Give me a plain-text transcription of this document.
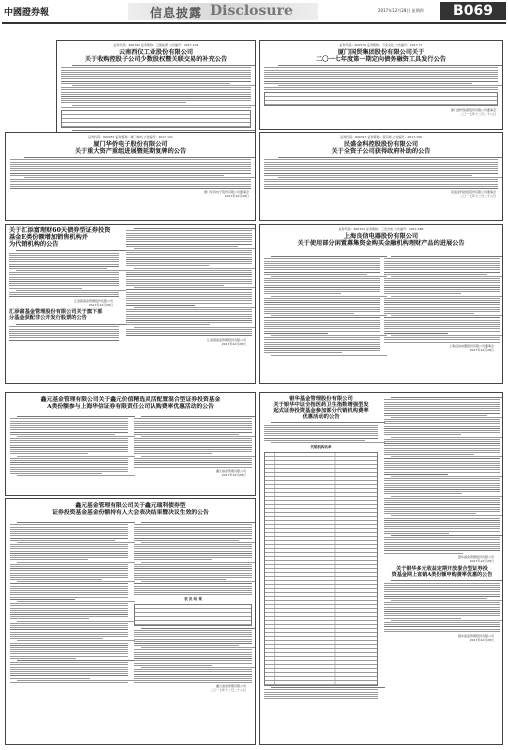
中國證券報	信息披露 Disclosure	2017年12月28日 星期四	B069
证券代码：600792 证券简称：云煤能源 公告编号：2017-104
云南西仪工业股份有限公司
关于收购控股子公司少数股权暨关联交易的补充公告
证券代码：600576 证券简称：万家文化 公告编号：2017-77
厦门国贸集团股份有限公司关于
二〇一七年度第一期定向债务融资工具发行公告
厦门国贸集团股份有限公司董事会
二〇一七年十二月二十八日
证券代码：600057 证券简称：厦门象屿 公告编号：2017-121
厦门华侨电子股份有限公司
关于重大资产重组进展暨延期复牌的公告
厦门华侨电子股份有限公司董事会
2017年12月28日
证券代码：600317 证券简称：营口港 公告编号：2017-156
民盛金科控股股份有限公司
关于全资子公司获得政府补助的公告
民盛金科控股股份有限公司董事会
二〇一七年十二月二十八日
关于汇添富理财60天债券型证券投资
基金E类份额增加销售机构并
为代销机构的公告
汇添富基金管理股份有限公司
2017年12月28日
汇添富基金管理股份有限公司关于旗下部
分基金获配非公开发行股票的公告
汇添富基金管理股份有限公司
2017年12月28日
证券代码：600703 证券简称：三安光电 公告编号：2017-088
上海良信电器股份有限公司
关于使用部分闲置募集资金购买金融机构理财产品的进展公告
上海良信电器股份有限公司董事会
2017年12月28日
鑫元基金管理有限公司关于鑫元价值精选灵活配置混合型证券投资基金
A类份额参与上海华信证券有限责任公司认购费率优惠活动的公告
鑫元基金管理有限公司
2017年12月28日
鑫元基金管理有限公司关于鑫元瑞利债券型
证券投资基金基金份额持有人大会表决结果暨决议生效的公告
表 决 结 果
鑫元基金管理有限公司
二〇一七年十二月二十八日
银华基金管理股份有限公司
关于银华中证全指医药卫生指数增强型发
起式证券投资基金参加部分代销机构费率
优惠活动的公告
代销机构名单
银华基金管理股份有限公司
2017年12月28日
关于银华多元收益定期开放混合型证券投
资基金网上直销A类份额申购费率优惠的公告
银华基金管理股份有限公司
2017年12月28日
